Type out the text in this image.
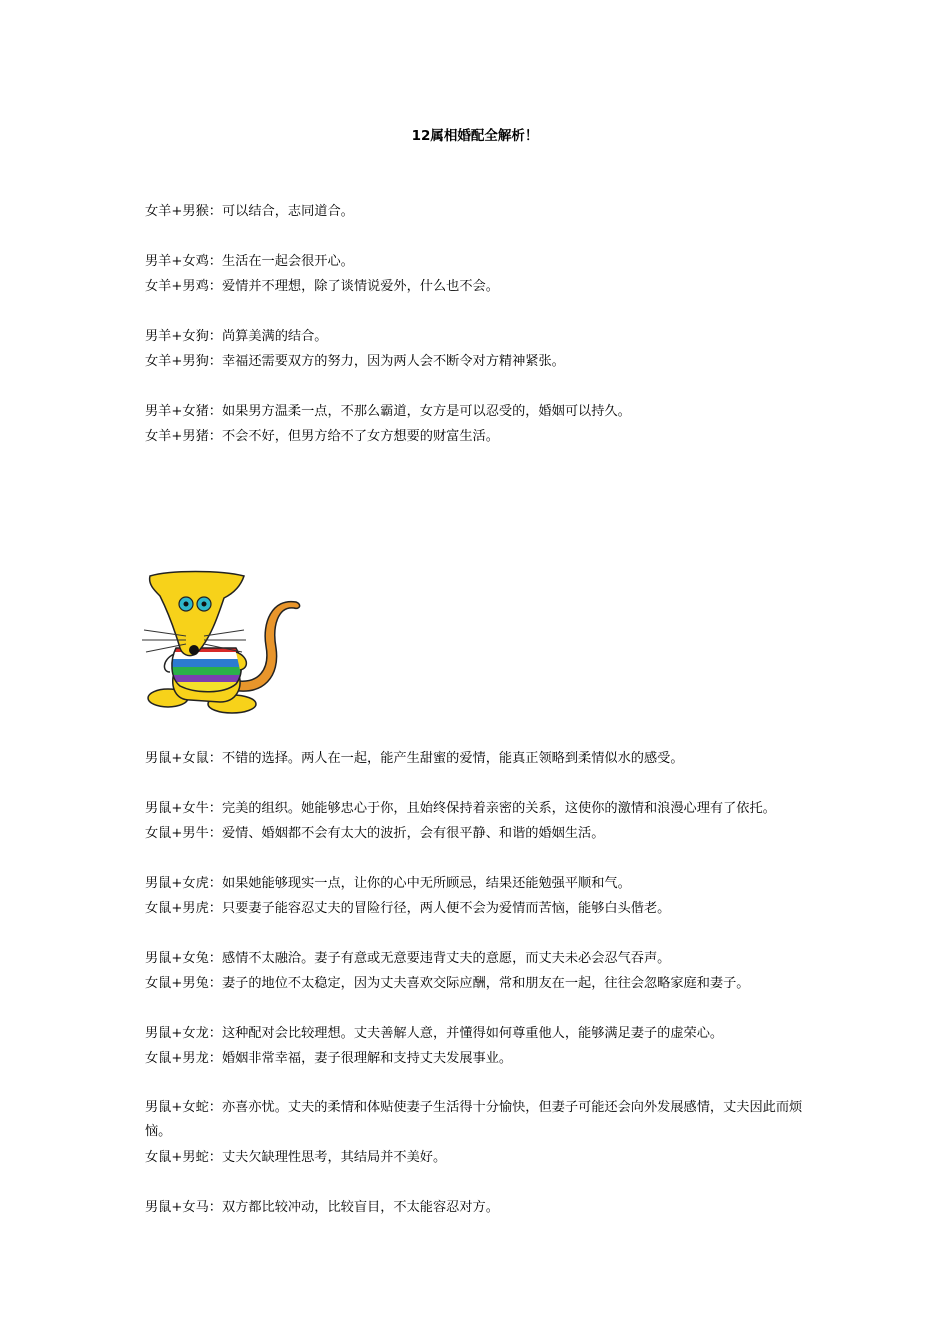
12属相婚配全解析！

女羊+男猴：可以结合，志同道合。

男羊+女鸡：生活在一起会很开心。

女羊+男鸡：爱情并不理想，除了谈情说爱外，什么也不会。

男羊+女狗：尚算美满的结合。

女羊+男狗：幸福还需要双方的努力，因为两人会不断令对方精神紧张。

男羊+女猪：如果男方温柔一点，不那么霸道，女方是可以忍受的，婚姻可以持久。

女羊+男猪：不会不好，但男方给不了女方想要的财富生活。

男鼠+女鼠：不错的选择。两人在一起，能产生甜蜜的爱情，能真正领略到柔情似水的感受。

男鼠+女牛：完美的组织。她能够忠心于你，且始终保持着亲密的关系，这使你的激情和浪漫心理有了依托。

女鼠+男牛：爱情、婚姻都不会有太大的波折，会有很平静、和谐的婚姻生活。

男鼠+女虎：如果她能够现实一点，让你的心中无所顾忌，结果还能勉强平顺和气。

女鼠+男虎：只要妻子能容忍丈夫的冒险行径，两人便不会为爱情而苦恼，能够白头偕老。

男鼠+女兔：感情不太融洽。妻子有意或无意要违背丈夫的意愿，而丈夫未必会忍气吞声。

女鼠+男兔：妻子的地位不太稳定，因为丈夫喜欢交际应酬，常和朋友在一起，往往会忽略家庭和妻子。

男鼠+女龙：这种配对会比较理想。丈夫善解人意，并懂得如何尊重他人，能够满足妻子的虚荣心。

女鼠+男龙：婚姻非常幸福，妻子很理解和支持丈夫发展事业。

男鼠+女蛇：亦喜亦忧。丈夫的柔情和体贴使妻子生活得十分愉快，但妻子可能还会向外发展感情，丈夫因此而烦恼。

女鼠+男蛇：丈夫欠缺理性思考，其结局并不美好。

男鼠+女马：双方都比较冲动，比较盲目，不太能容忍对方。
